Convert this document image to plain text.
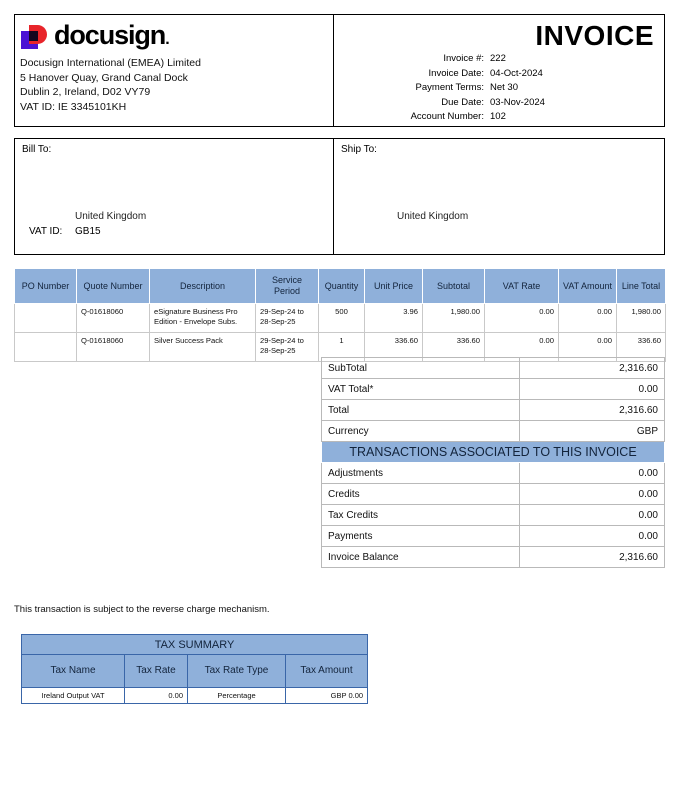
docusign.
Docusign International (EMEA) Limited
5 Hanover Quay, Grand Canal Dock
Dublin 2, Ireland, D02 VY79
VAT ID: IE 3345101KH
INVOICE
Invoice #:	222
Invoice Date:	04-Oct-2024
Payment Terms:	Net 30
Due Date:	03-Nov-2024
Account Number:	102
Bill To:
United Kingdom
VAT ID: GB15
Ship To:
United Kingdom
PO Number	Quote Number	Description	Service Period	Quantity	Unit Price	Subtotal	VAT Rate	VAT Amount	Line Total
	Q-01618060	eSignature Business Pro Edition - Envelope Subs.	29-Sep-24 to 28-Sep-25	500	3.96	1,980.00	0.00	0.00	1,980.00
	Q-01618060	Silver Success Pack	29-Sep-24 to 28-Sep-25	1	336.60	336.60	0.00	0.00	336.60
SubTotal	2,316.60
VAT Total*	0.00
Total	2,316.60
Currency	GBP
TRANSACTIONS ASSOCIATED TO THIS INVOICE	
Adjustments	0.00
Credits	0.00
Tax Credits	0.00
Payments	0.00
Invoice Balance	2,316.60
This transaction is subject to the reverse charge mechanism.
TAX SUMMARY			
Tax Name	Tax Rate	Tax Rate Type	Tax Amount
Ireland Output VAT	0.00	Percentage	GBP 0.00
